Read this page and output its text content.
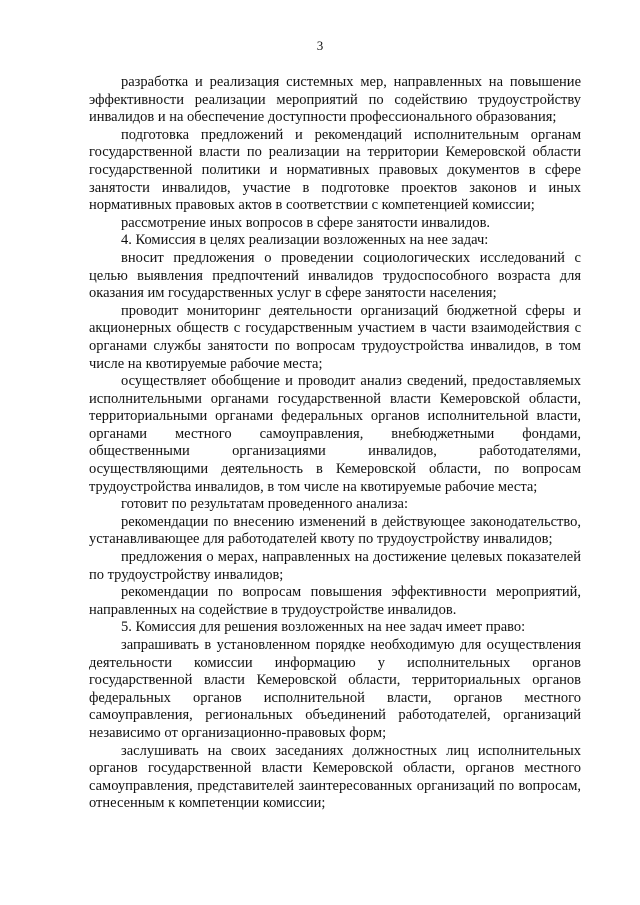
3

разработка и реализация системных мер, направленных на повышение эффективности реализации мероприятий по содействию трудоустройству инвалидов и на обеспечение доступности профессионального образования;

подготовка предложений и рекомендаций исполнительным органам государственной власти по реализации на территории Кемеровской области государственной политики и нормативных правовых документов в сфере занятости инвалидов, участие в подготовке проектов законов и иных нормативных правовых актов в соответствии с компетенцией комиссии;

рассмотрение иных вопросов в сфере занятости инвалидов.

4. Комиссия в целях реализации возложенных на нее задач:

вносит предложения о проведении социологических исследований с целью выявления предпочтений инвалидов трудоспособного возраста для оказания им государственных услуг в сфере занятости населения;

проводит мониторинг деятельности организаций бюджетной сферы и акционерных обществ с государственным участием в части взаимодействия с органами службы занятости по вопросам трудоустройства инвалидов, в том числе на квотируемые рабочие места;

осуществляет обобщение и проводит анализ сведений, предоставляемых исполнительными органами государственной власти Кемеровской области, территориальными органами федеральных органов исполнительной власти, органами местного самоуправления, внебюджетными фондами, общественными организациями инвалидов, работодателями, осуществляющими деятельность в Кемеровской области, по вопросам трудоустройства инвалидов, в том числе на квотируемые рабочие места;

готовит по результатам проведенного анализа:

рекомендации по внесению изменений в действующее законодательство, устанавливающее для работодателей квоту по трудоустройству инвалидов;

предложения о мерах, направленных на достижение целевых показателей по трудоустройству инвалидов;

рекомендации по вопросам повышения эффективности мероприятий, направленных на содействие в трудоустройстве инвалидов.

5. Комиссия для решения возложенных на нее задач имеет право:

запрашивать в установленном порядке необходимую для осуществления деятельности комиссии информацию у исполнительных органов государственной власти Кемеровской области, территориальных органов федеральных органов исполнительной власти, органов местного самоуправления, региональных объединений работодателей, организаций независимо от организационно-правовых форм;

заслушивать на своих заседаниях должностных лиц исполнительных органов государственной власти Кемеровской области, органов местного самоуправления, представителей заинтересованных организаций по вопросам, отнесенным к компетенции комиссии;
